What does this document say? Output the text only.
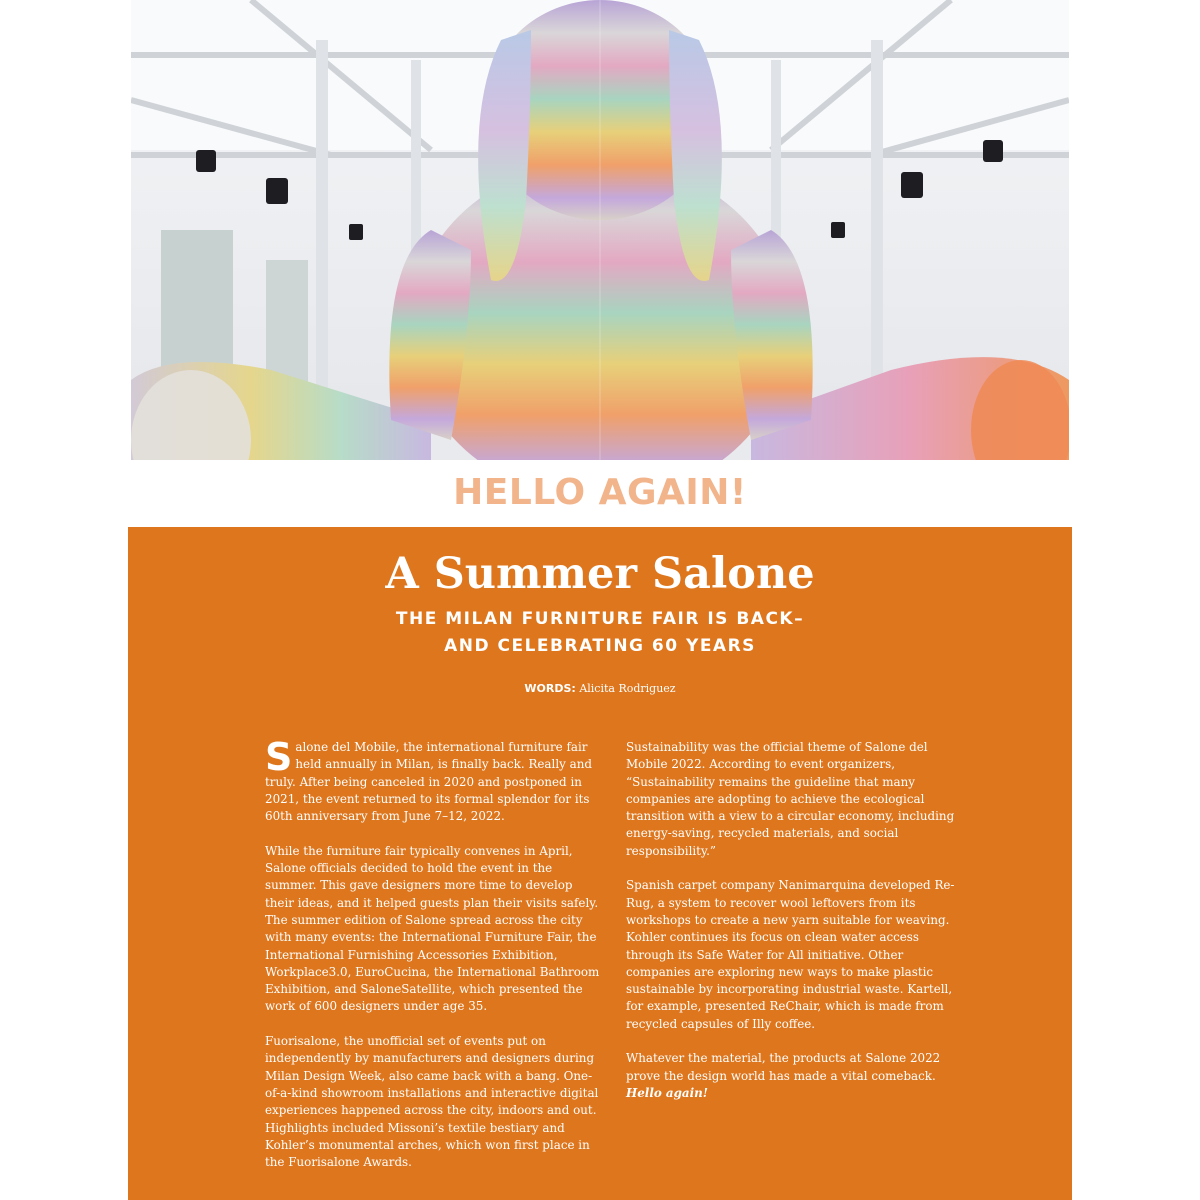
HELLO AGAIN!
A Summer Salone
THE MILAN FURNITURE FAIR IS BACK–
AND CELEBRATING 60 YEARS
WORDS: Alicita Rodriguez

Salone del Mobile, the international furniture fair held annually in Milan, is finally back. Really and truly. After being canceled in 2020 and postponed in 2021, the event returned to its formal splendor for its 60th anniversary from June 7–12, 2022.

While the furniture fair typically convenes in April, Salone officials decided to hold the event in the summer. This gave designers more time to develop their ideas, and it helped guests plan their visits safely. The summer edition of Salone spread across the city with many events: the International Furniture Fair, the International Furnishing Accessories Exhibition, Workplace3.0, EuroCucina, the International Bathroom Exhibition, and SaloneSatellite, which presented the work of 600 designers under age 35.

Fuorisalone, the unofficial set of events put on independently by manufacturers and designers during Milan Design Week, also came back with a bang. One-of-a-kind showroom installations and interactive digital experiences happened across the city, indoors and out. Highlights included Missoni’s textile bestiary and Kohler’s monumental arches, which won first place in the Fuorisalone Awards.

Sustainability was the official theme of Salone del Mobile 2022. According to event organizers, “Sustainability remains the guideline that many companies are adopting to achieve the ecological transition with a view to a circular economy, including energy-saving, recycled materials, and social responsibility.”

Spanish carpet company Nanimarquina developed Re-Rug, a system to recover wool leftovers from its workshops to create a new yarn suitable for weaving. Kohler continues its focus on clean water access through its Safe Water for All initiative. Other companies are exploring new ways to make plastic sustainable by incorporating industrial waste. Kartell, for example, presented ReChair, which is made from recycled capsules of Illy coffee.

Whatever the material, the products at Salone 2022 prove the design world has made a vital comeback. Hello again!
